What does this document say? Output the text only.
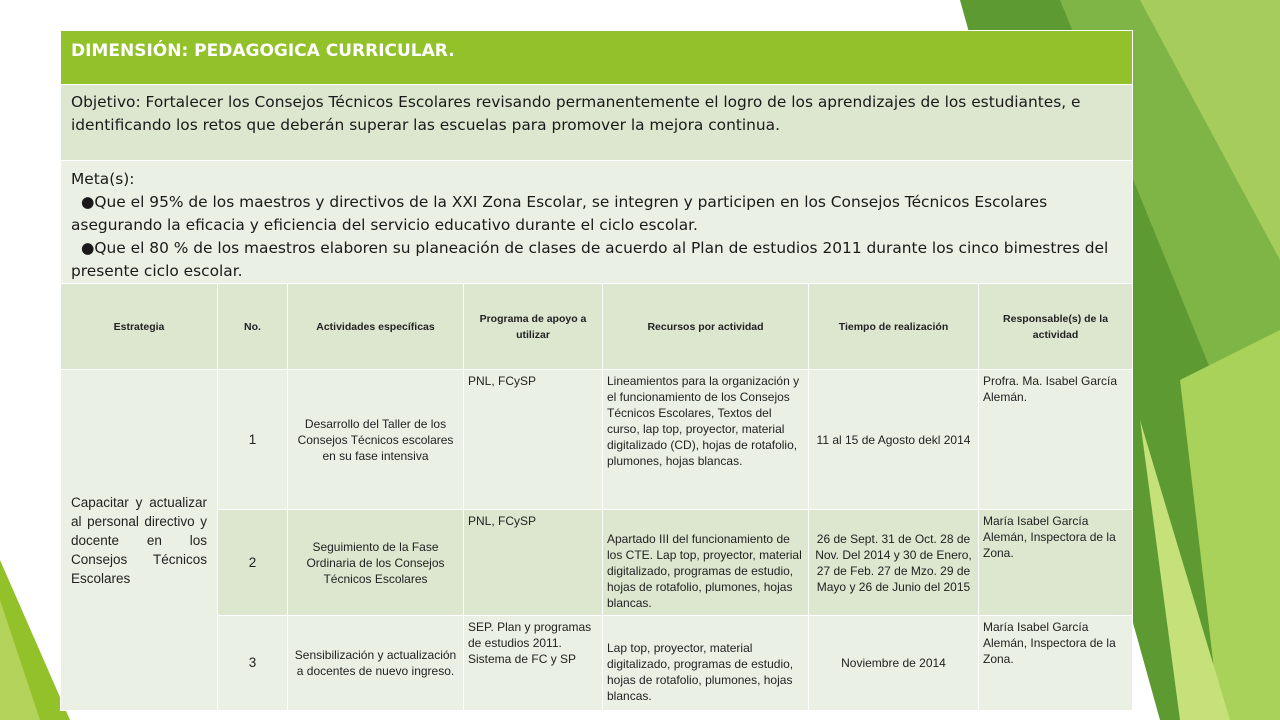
DIMENSIÓN: PEDAGOGICA CURRICULAR.						
Objetivo: Fortalecer los Consejos Técnicos Escolares revisando permanentemente el logro de los aprendizajes de los estudiantes, e identificando los retos que deberán superar las escuelas para promover la mejora continua.						

Meta(s):

●Que el 95% de los maestros y directivos de la XXI Zona Escolar, se integren y participen en los Consejos Técnicos Escolares asegurando la eficacia y eficiencia del servicio educativo durante el ciclo escolar.

●Que el 80 % de los maestros elaboren su planeación de clases de acuerdo al Plan de estudios 2011 durante los cinco bimestres del presente ciclo escolar.						

Estrategia	No.	Actividades específicas	Programa de apoyo a utilizar	Recursos por actividad	Tiempo de realización	Responsable(s) de la actividad
Capacitar y actualizar al personal directivo y docente en los Consejos Técnicos Escolares	1	Desarrollo del Taller de los Consejos Técnicos escolares en su fase intensiva	PNL, FCySP	Lineamientos para la organización y el funcionamiento de los Consejos Técnicos Escolares, Textos del curso, lap top, proyector, material digitalizado (CD), hojas de rotafolio, plumones, hojas blancas.	11 al 15 de Agosto dekl 2014	Profra. Ma. Isabel García Alemán.
	2	Seguimiento de la Fase Ordinaria de los Consejos Técnicos Escolares	PNL, FCySP	Apartado III del funcionamiento de los CTE. Lap top, proyector, material digitalizado, programas de estudio, hojas de rotafolio, plumones, hojas blancas.	26 de Sept. 31 de Oct. 28 de Nov. Del 2014 y 30 de Enero, 27 de Feb. 27 de Mzo. 29 de Mayo y 26 de Junio del 2015	María Isabel García Alemán, Inspectora de la Zona.
	3	Sensibilización y actualización a docentes de nuevo ingreso.	SEP. Plan y programas de estudios 2011. Sistema de FC y SP	Lap top, proyector, material digitalizado, programas de estudio, hojas de rotafolio, plumones, hojas blancas.	Noviembre de 2014	María Isabel García Alemán, Inspectora de la Zona.
